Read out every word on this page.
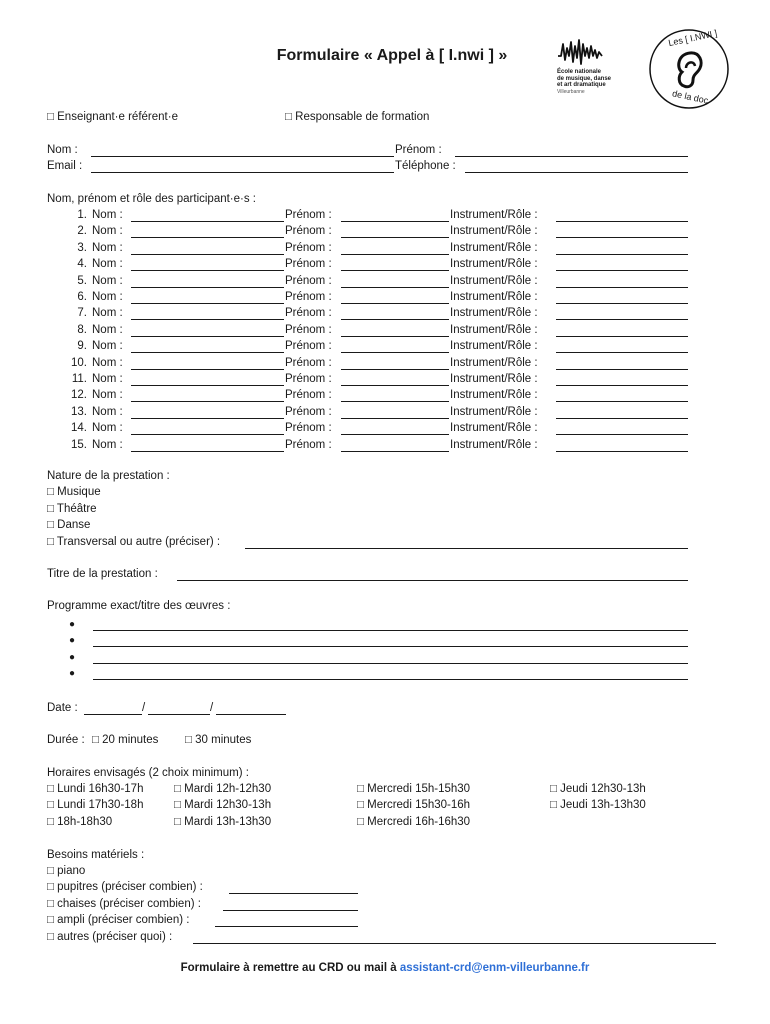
Formulaire « Appel à [ I.nwi ] »
École nationale
de musique, danse
et art dramatique
Villeurbanne
Les [ I.NWI ]
de la doc
□ Enseignant·e référent·e	□ Responsable de formation
Nom :	Prénom :
Email :	Téléphone :
Nom, prénom et rôle des participant·e·s :
1. Nom :	Prénom :	Instrument/Rôle :
2. Nom :	Prénom :	Instrument/Rôle :
3. Nom :	Prénom :	Instrument/Rôle :
4. Nom :	Prénom :	Instrument/Rôle :
5. Nom :	Prénom :	Instrument/Rôle :
6. Nom :	Prénom :	Instrument/Rôle :
7. Nom :	Prénom :	Instrument/Rôle :
8. Nom :	Prénom :	Instrument/Rôle :
9. Nom :	Prénom :	Instrument/Rôle :
10. Nom :	Prénom :	Instrument/Rôle :
11. Nom :	Prénom :	Instrument/Rôle :
12. Nom :	Prénom :	Instrument/Rôle :
13. Nom :	Prénom :	Instrument/Rôle :
14. Nom :	Prénom :	Instrument/Rôle :
15. Nom :	Prénom :	Instrument/Rôle :
Nature de la prestation :
□ Musique
□ Théâtre
□ Danse
□ Transversal ou autre (préciser) :
Titre de la prestation :
Programme exact/titre des œuvres :
●
●
●
●
Date :	/	/
Durée : □ 20 minutes □ 30 minutes
Horaires envisagés (2 choix minimum) :
□ Lundi 16h30-17h
□ Lundi 17h30-18h
□ 18h-18h30
□ Mardi 12h-12h30
□ Mardi 12h30-13h
□ Mardi 13h-13h30
□ Mercredi 15h-15h30
□ Mercredi 15h30-16h
□ Mercredi 16h-16h30
□ Jeudi 12h30-13h
□ Jeudi 13h-13h30
Besoins matériels :
□ piano
□ pupitres (préciser combien) :
□ chaises (préciser combien) :
□ ampli (préciser combien) :
□ autres (préciser quoi) :
Formulaire à remettre au CRD ou mail à assistant-crd@enm-villeurbanne.fr
